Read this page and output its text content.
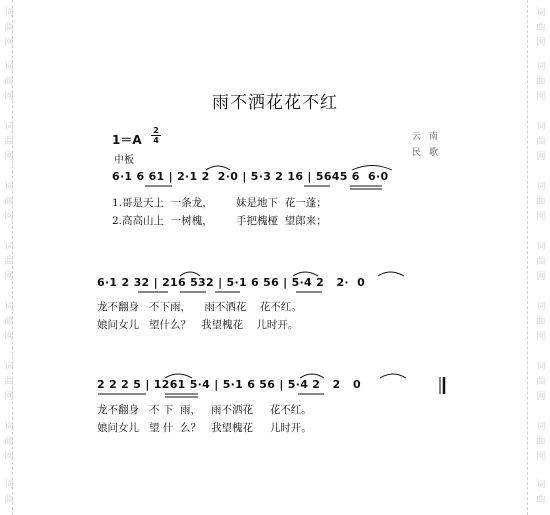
词
曲
网
词
曲
网
词
曲
网
词
曲
网
词
曲
网
词
曲
网
词
曲
网
词
曲
网
词
曲
词
曲
网
词
曲
网
词
曲
网
词
曲
网
词
曲
网
词
曲
网
词
曲
网
词
曲
网
词
曲
雨不洒花花不红
1＝A
2
4
中板
云南
民歌
6·1 6 61 | 2·1 2  2·0 | 5·3 2 16 | 5645 6  6·0
1.哥是天上  一条龙，       妹是地下  花一蓬；
2.高高山上  一树槐，       手把槐桠  望郎来；
6·1 2 32 | 216 532 | 5·1 6 56 | 5·4 2   2·  0
龙不翻身   不下雨，    雨不洒花    花不红。
娘问女儿   望什么？   我望槐花    儿时开。
2 2 2 5 | 1261 5·4 | 5·1 6 56 | 5·4 2   2   0
龙不翻身   不 下  雨，   雨不洒花     花不红。
娘问女儿   望 什  么？   我望槐花     儿时开。
